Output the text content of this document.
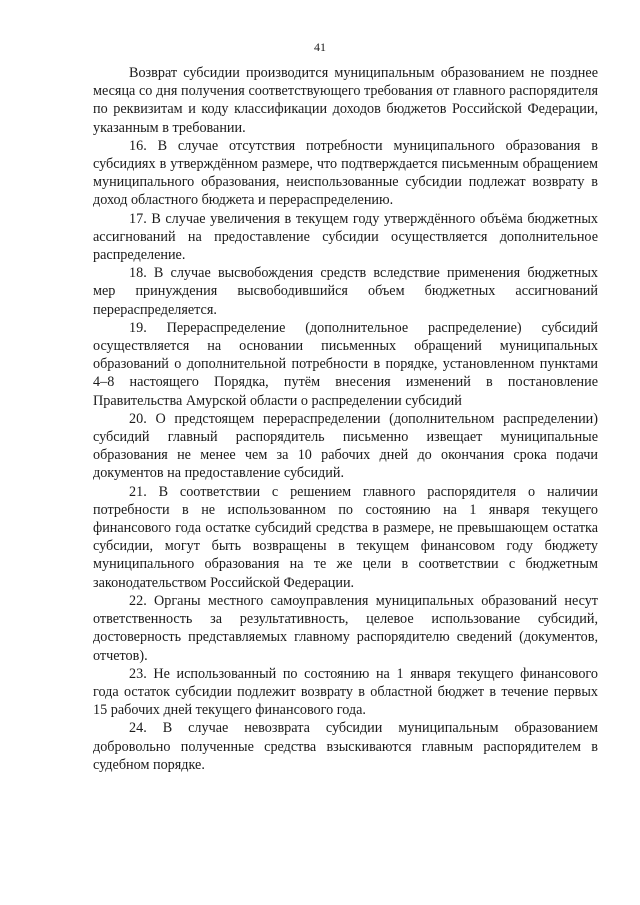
41

Возврат субсидии производится муниципальным образованием не позднее месяца со дня получения соответствующего требования от главного распорядителя по реквизитам и коду классификации доходов бюджетов Российской Федерации, указанным в требовании.

16. В случае отсутствия потребности муниципального образования в субсидиях в утверждённом размере, что подтверждается письменным обращением муниципального образования, неиспользованные субсидии подлежат возврату в доход областного бюджета и перераспределению.

17. В случае увеличения в текущем году утверждённого объёма бюджетных ассигнований на предоставление субсидии осуществляется дополнительное распределение.

18. В случае высвобождения средств вследствие применения бюджетных мер принуждения высвободившийся объем бюджетных ассигнований перераспределяется.

19. Перераспределение (дополнительное распределение) субсидий осуществляется на основании письменных обращений муниципальных образований о дополнительной потребности в порядке, установленном пунктами 4–8 настоящего Порядка, путём внесения изменений в постановление Правительства Амурской области о распределении субсидий

20. О предстоящем перераспределении (дополнительном распределении) субсидий главный распорядитель письменно извещает муниципальные образования не менее чем за 10 рабочих дней до окончания срока подачи документов на предоставление субсидий.

21. В соответствии с решением главного распорядителя о наличии потребности в не использованном по состоянию на 1 января текущего финансового года остатке субсидий средства в размере, не превышающем остатка субсидии, могут быть возвращены в текущем финансовом году бюджету муниципального образования на те же цели в соответствии с бюджетным законодательством Российской Федерации.

22. Органы местного самоуправления муниципальных образований несут ответственность за результативность, целевое использование субсидий, достоверность представляемых главному распорядителю сведений (документов, отчетов).

23. Не использованный по состоянию на 1 января текущего финансового года остаток субсидии подлежит возврату в областной бюджет в течение первых 15 рабочих дней текущего финансового года.

24. В случае невозврата субсидии муниципальным образованием добровольно полученные средства взыскиваются главным распорядителем в судебном порядке.
